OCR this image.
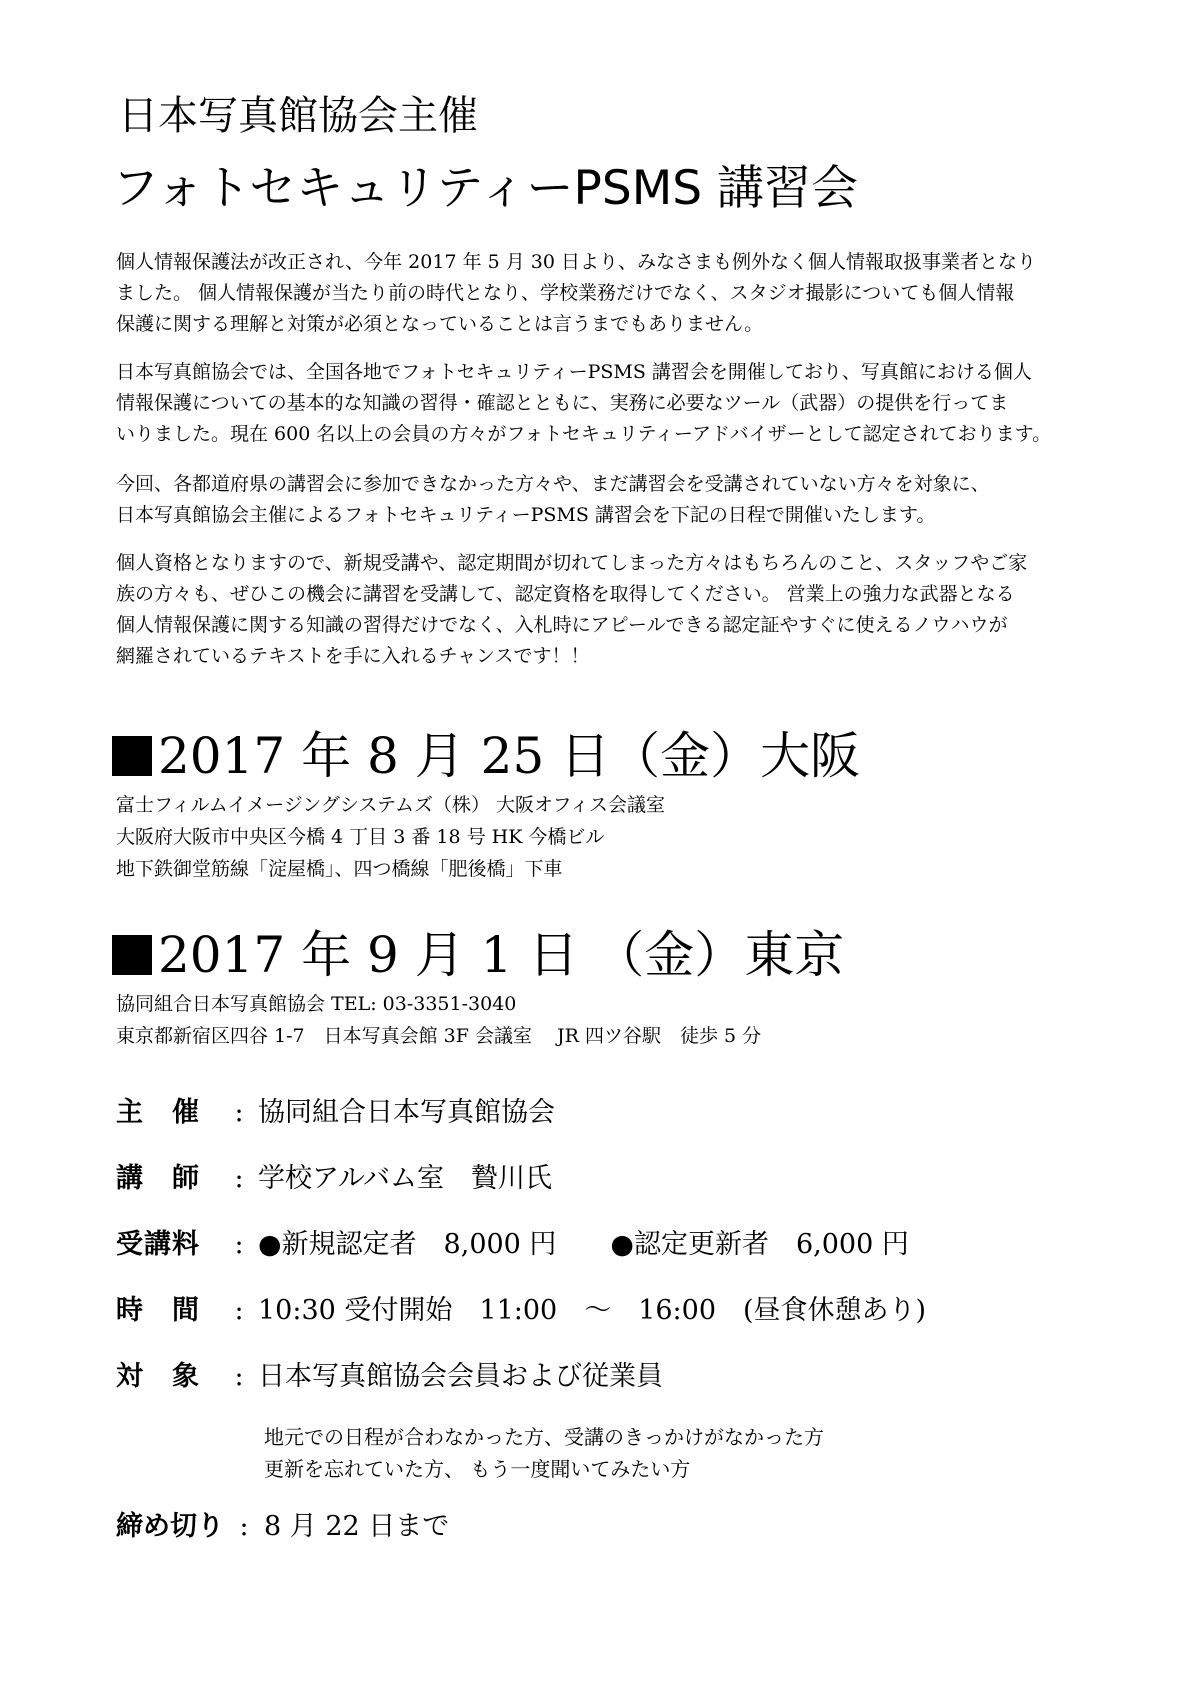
日本写真館協会主催
フォトセキュリティーPSMS 講習会
個人情報保護法が改正され、今年 2017 年 5 月 30 日より、みなさまも例外なく個人情報取扱事業者となり
ました。 個人情報保護が当たり前の時代となり、学校業務だけでなく、スタジオ撮影についても個人情報
保護に関する理解と対策が必須となっていることは言うまでもありません。
日本写真館協会では、全国各地でフォトセキュリティーPSMS 講習会を開催しており、写真館における個人
情報保護についての基本的な知識の習得・確認とともに、実務に必要なツール（武器）の提供を行ってま
いりました。現在 600 名以上の会員の方々がフォトセキュリティーアドバイザーとして認定されております。
今回、各都道府県の講習会に参加できなかった方々や、まだ講習会を受講されていない方々を対象に、
日本写真館協会主催によるフォトセキュリティーPSMS 講習会を下記の日程で開催いたします。
個人資格となりますので、新規受講や、認定期間が切れてしまった方々はもちろんのこと、スタッフやご家
族の方々も、ぜひこの機会に講習を受講して、認定資格を取得してください。 営業上の強力な武器となる
個人情報保護に関する知識の習得だけでなく、入札時にアピールできる認定証やすぐに使えるノウハウが
網羅されているテキストを手に入れるチャンスです！！
2017 年 8 月 25 日（金）大阪
富士フィルムイメージングシステムズ（株） 大阪オフィス会議室
大阪府大阪市中央区今橋 4 丁目 3 番 18 号 HK 今橋ビル
地下鉄御堂筋線「淀屋橋」、四つ橋線「肥後橋」下車
2017 年 9 月 1 日 （金）東京
協同組合日本写真館協会 TEL: 03-3351-3040
東京都新宿区四谷 1-7　日本写真会館 3F 会議室　 JR 四ツ谷駅　徒歩 5 分
主　催 : 協同組合日本写真館協会
講　師 : 学校アルバム室　贄川氏
受講料 : ●新規認定者　8,000 円　　●認定更新者　6,000 円
時　間 : 10:30 受付開始　11:00　～　16:00　(昼食休憩あり)
対　象 : 日本写真館協会会員および従業員
地元での日程が合わなかった方、受講のきっかけがなかった方
更新を忘れていた方、 もう一度聞いてみたい方
締め切り : 8 月 22 日まで
